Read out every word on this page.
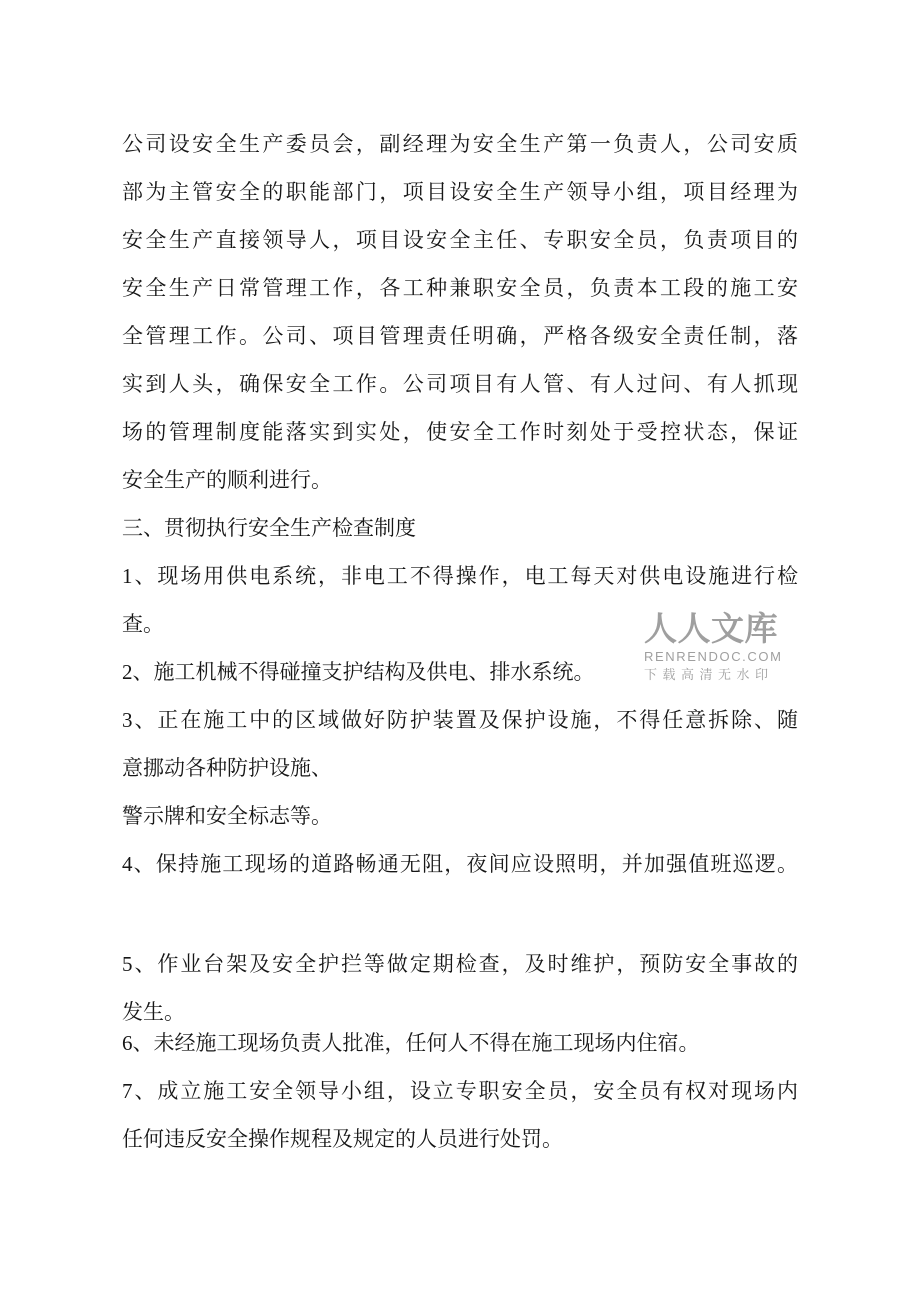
公司设安全生产委员会，副经理为安全生产第一负责人，公司安质
部为主管安全的职能部门，项目设安全生产领导小组，项目经理为
安全生产直接领导人，项目设安全主任、专职安全员，负责项目的
安全生产日常管理工作，各工种兼职安全员，负责本工段的施工安
全管理工作。公司、项目管理责任明确，严格各级安全责任制，落
实到人头，确保安全工作。公司项目有人管、有人过问、有人抓现
场的管理制度能落实到实处，使安全工作时刻处于受控状态，保证
安全生产的顺利进行。
三、贯彻执行安全生产检查制度
1、现场用供电系统，非电工不得操作，电工每天对供电设施进行检
查。
2、施工机械不得碰撞支护结构及供电、排水系统。
3、正在施工中的区域做好防护装置及保护设施，不得任意拆除、随
意挪动各种防护设施、
警示牌和安全标志等。
4、保持施工现场的道路畅通无阻，夜间应设照明，并加强值班巡逻。
5、作业台架及安全护拦等做定期检查，及时维护，预防安全事故的
发生。
6、未经施工现场负责人批准，任何人不得在施工现场内住宿。
7、成立施工安全领导小组，设立专职安全员，安全员有权对现场内
任何违反安全操作规程及规定的人员进行处罚。
人人文库
RENRENDOC.COM
下载高清无水印
